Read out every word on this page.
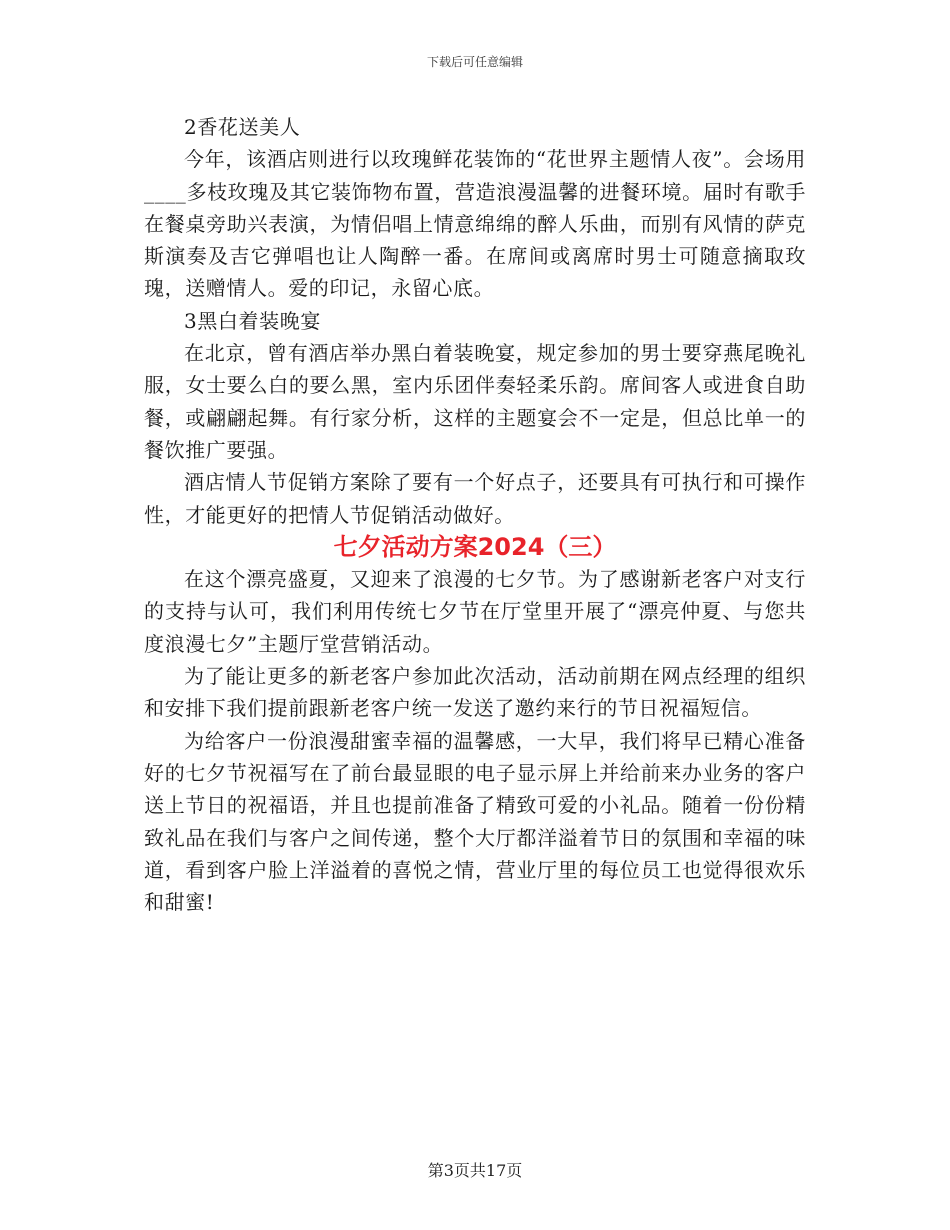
下载后可任意编辑

2香花送美人

今年，该酒店则进行以玫瑰鲜花装饰的“花世界主题情人夜”。会场用____多枝玫瑰及其它装饰物布置，营造浪漫温馨的进餐环境。届时有歌手在餐桌旁助兴表演，为情侣唱上情意绵绵的醉人乐曲，而别有风情的萨克斯演奏及吉它弹唱也让人陶醉一番。在席间或离席时男士可随意摘取玫瑰，送赠情人。爱的印记，永留心底。

3黑白着装晚宴

在北京，曾有酒店举办黑白着装晚宴，规定参加的男士要穿燕尾晚礼服，女士要么白的要么黑，室内乐团伴奏轻柔乐韵。席间客人或进食自助餐，或翩翩起舞。有行家分析，这样的主题宴会不一定是，但总比单一的餐饮推广要强。

酒店情人节促销方案除了要有一个好点子，还要具有可执行和可操作性，才能更好的把情人节促销活动做好。

七夕活动方案2024（三）

在这个漂亮盛夏，又迎来了浪漫的七夕节。为了感谢新老客户对支行的支持与认可，我们利用传统七夕节在厅堂里开展了“漂亮仲夏、与您共度浪漫七夕”主题厅堂营销活动。

为了能让更多的新老客户参加此次活动，活动前期在网点经理的组织和安排下我们提前跟新老客户统一发送了邀约来行的节日祝福短信。

为给客户一份浪漫甜蜜幸福的温馨感，一大早，我们将早已精心准备好的七夕节祝福写在了前台最显眼的电子显示屏上并给前来办业务的客户送上节日的祝福语，并且也提前准备了精致可爱的小礼品。随着一份份精致礼品在我们与客户之间传递，整个大厅都洋溢着节日的氛围和幸福的味道，看到客户脸上洋溢着的喜悦之情，营业厅里的每位员工也觉得很欢乐和甜蜜!

第3页共17页
